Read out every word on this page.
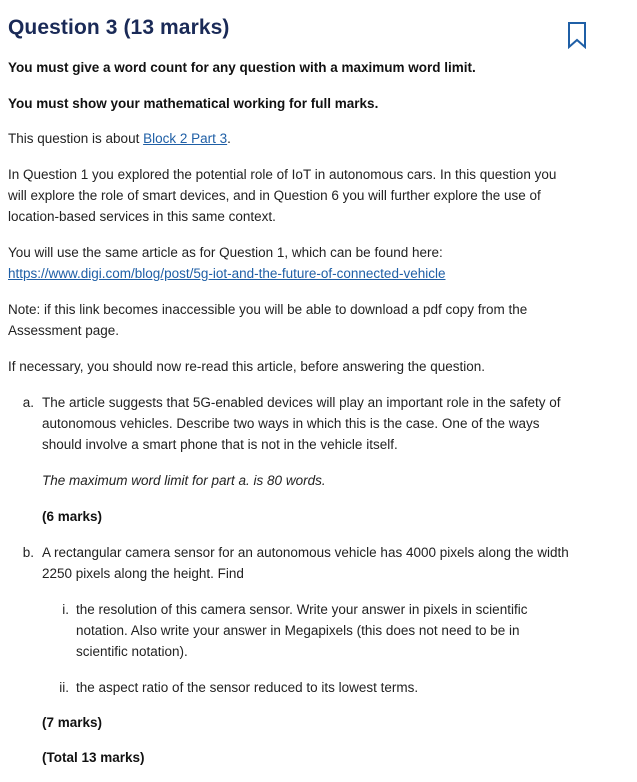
Question 3 (13 marks)

You must give a word count for any question with a maximum word limit.

You must show your mathematical working for full marks.

This question is about Block 2 Part 3.

In Question 1 you explored the potential role of IoT in autonomous cars. In this question you

will explore the role of smart devices, and in Question 6 you will further explore the use of

location-based services in this same context.

You will use the same article as for Question 1, which can be found here:

https://www.digi.com/blog/post/5g-iot-and-the-future-of-connected-vehicle

Note: if this link becomes inaccessible you will be able to download a pdf copy from the

Assessment page.

If necessary, you should now re-read this article, before answering the question.

a. The article suggests that 5G-enabled devices will play an important role in the safety of

autonomous vehicles. Describe two ways in which this is the case. One of the ways

should involve a smart phone that is not in the vehicle itself.

The maximum word limit for part a. is 80 words.

(6 marks)

b. A rectangular camera sensor for an autonomous vehicle has 4000 pixels along the width

2250 pixels along the height. Find

i. the resolution of this camera sensor. Write your answer in pixels in scientific

notation. Also write your answer in Megapixels (this does not need to be in

scientific notation).

ii. the aspect ratio of the sensor reduced to its lowest terms.

(7 marks)

(Total 13 marks)
